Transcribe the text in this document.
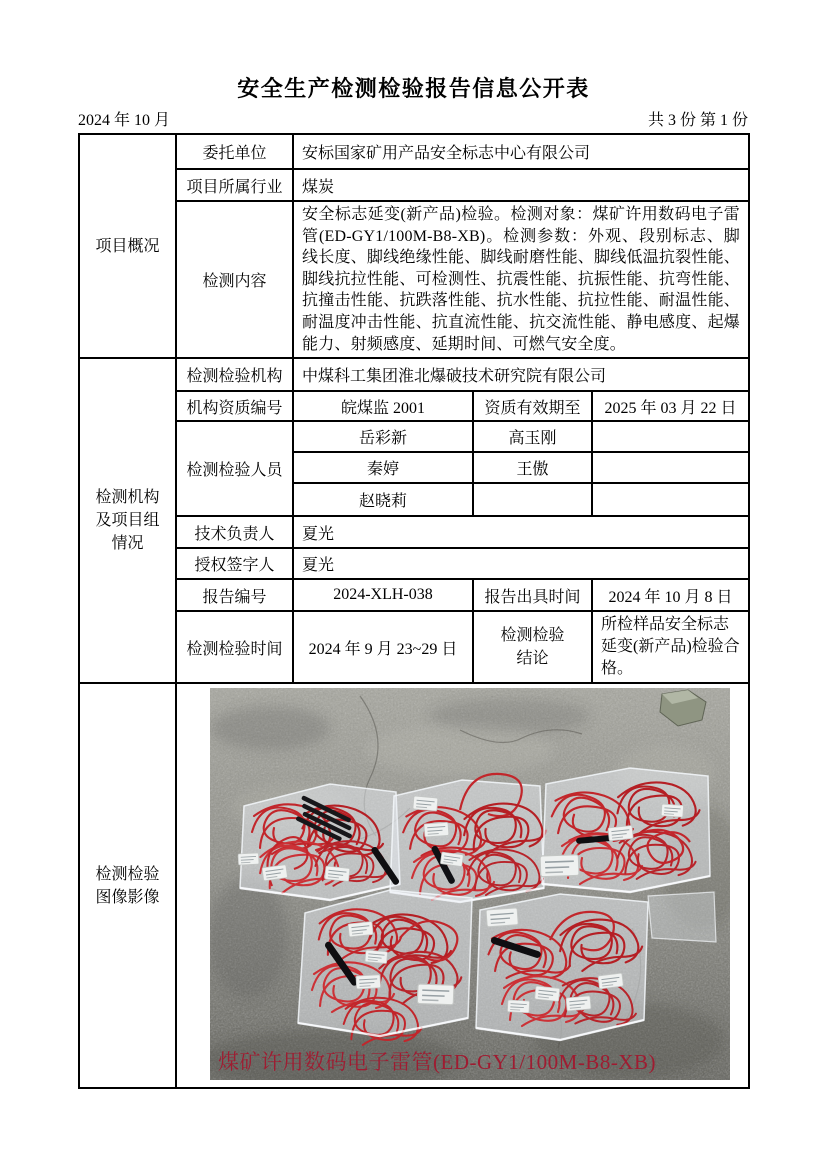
安全生产检测检验报告信息公开表
2024 年 10 月	共 3 份 第 1 份
项目概况	委托单位	安标国家矿用产品安全标志中心有限公司		
	项目所属行业	煤炭		
	检测内容	安全标志延变(新产品)检验。检测对象：煤矿许用数码电子雷管(ED-GY1/100M-B8-XB)。检测参数：外观、段别标志、脚线长度、脚线绝缘性能、脚线耐磨性能、脚线低温抗裂性能、脚线抗拉性能、可检测性、抗震性能、抗振性能、抗弯性能、抗撞击性能、抗跌落性能、抗水性能、抗拉性能、耐温性能、耐温度冲击性能、抗直流性能、抗交流性能、静电感度、起爆能力、射频感度、延期时间、可燃气安全度。		
检测机构及项目组情况	检测检验机构	中煤科工集团淮北爆破技术研究院有限公司		
	机构资质编号	皖煤监 2001	资质有效期至	2025 年 03 月 22 日
	检测检验人员	岳彩新	高玉刚	
		秦婷	王傲	
		赵晓莉		
	技术负责人	夏光		
	授权签字人	夏光		
	报告编号	2024-XLH-038	报告出具时间	2024 年 10 月 8 日
	检测检验时间	2024 年 9 月 23~29 日	检测检验结论	所检样品安全标志延变(新产品)检验合格。
检测检验图像影像	煤矿许用数码电子雷管(ED-GY1/100M-B8-XB)			
